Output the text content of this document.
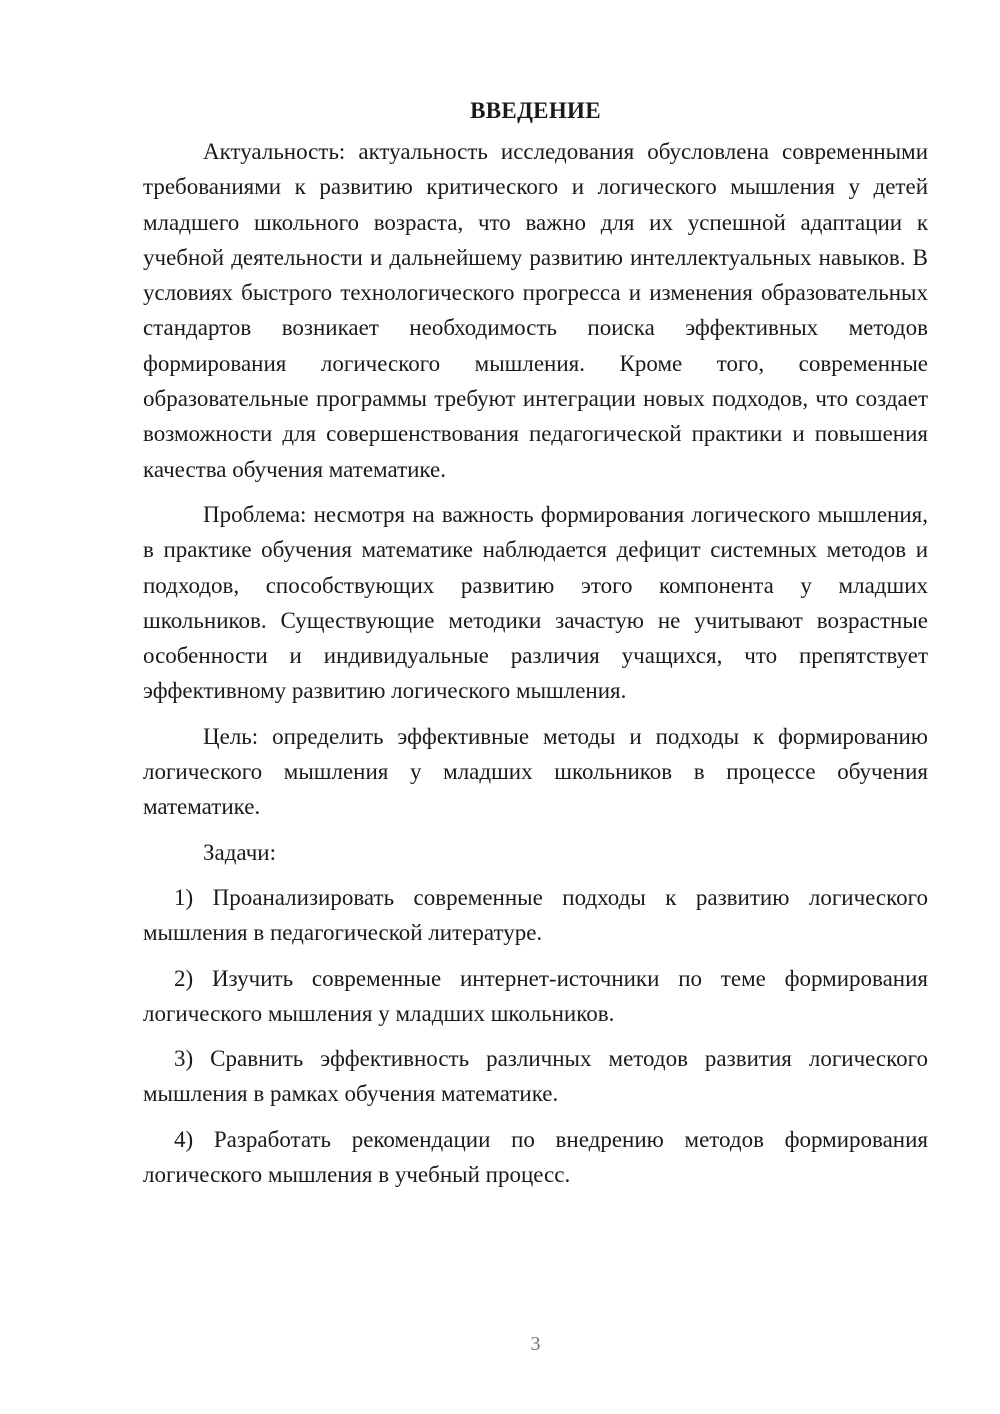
ВВЕДЕНИЕ

Актуальность: актуальность исследования обусловлена современными требованиями к развитию критического и логического мышления у детей младшего школьного возраста, что важно для их успешной адаптации к учебной деятельности и дальнейшему развитию интеллектуальных навыков. В условиях быстрого технологического прогресса и изменения образовательных стандартов возникает необходимость поиска эффективных методов формирования логического мышления. Кроме того, современные образовательные программы требуют интеграции новых подходов, что создает возможности для совершенствования педагогической практики и повышения качества обучения математике.

Проблема: несмотря на важность формирования логического мышления, в практике обучения математике наблюдается дефицит системных методов и подходов, способствующих развитию этого компонента у младших школьников. Существующие методики зачастую не учитывают возрастные особенности и индивидуальные различия учащихся, что препятствует эффективному развитию логического мышления.

Цель: определить эффективные методы и подходы к формированию логического мышления у младших школьников в процессе обучения математике.

Задачи:

1) Проанализировать современные подходы к развитию логического мышления в педагогической литературе.

2) Изучить современные интернет-источники по теме формирования логического мышления у младших школьников.

3) Сравнить эффективность различных методов развития логического мышления в рамках обучения математике.

4) Разработать рекомендации по внедрению методов формирования логического мышления в учебный процесс.

3
